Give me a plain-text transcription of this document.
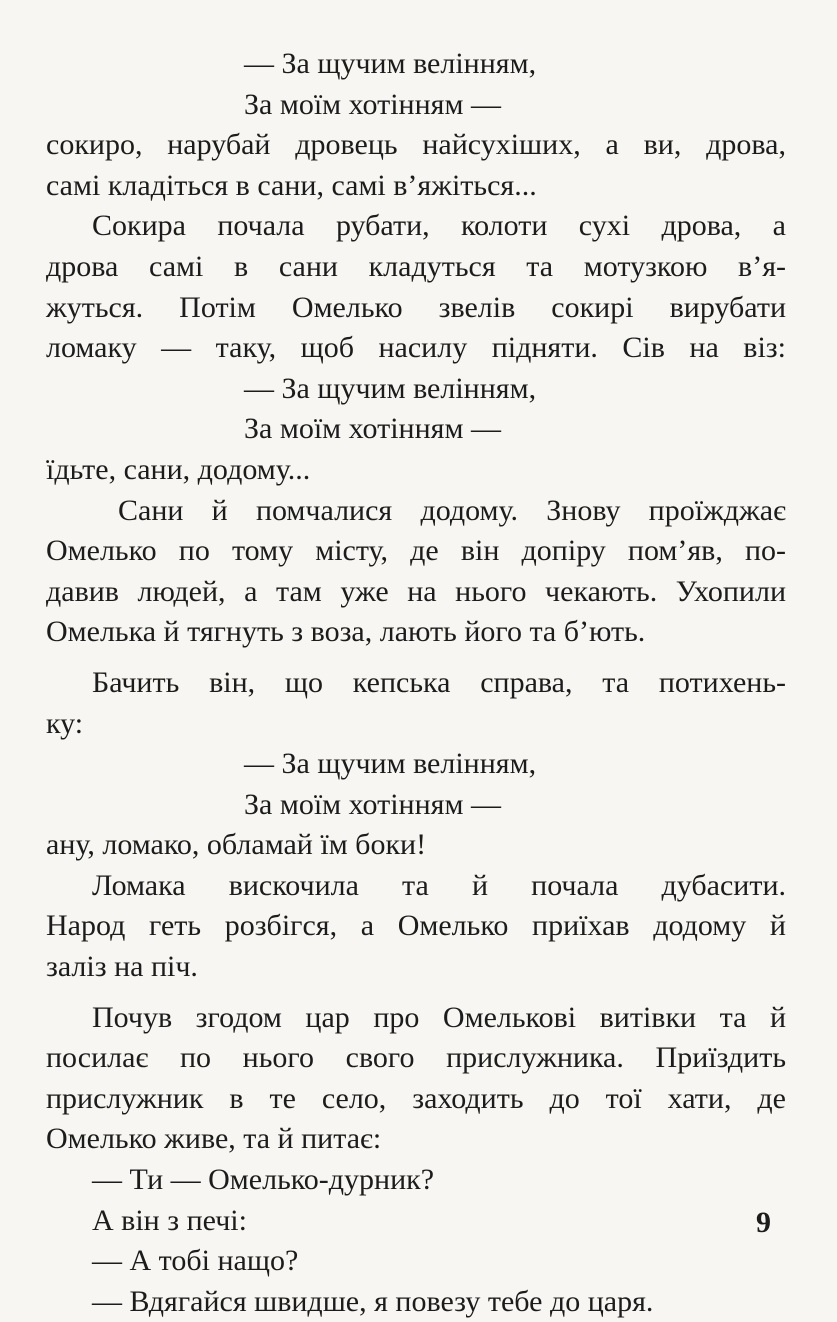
— За щучим велінням,
За моїм хотінням —
сокиро, нарубай дровець найсухіших, а ви, дрова,
самі кладіться в сани, самі в’яжіться...
Сокира почала рубати, колоти сухі дрова, а
дрова самі в сани кладуться та мотузкою в’я-
жуться. Потім Омелько звелів сокирі вирубати
ломаку — таку, щоб насилу підняти. Сів на віз:
— За щучим велінням,
За моїм хотінням —
їдьте, сани, додому...
Сани й помчалися додому. Знову проїжджає
Омелько по тому місту, де він допіру пом’яв, по-
давив людей, а там уже на нього чекають. Ухопили
Омелька й тягнуть з воза, лають його та б’ють.
Бачить він, що кепська справа, та потихень-
ку:
— За щучим велінням,
За моїм хотінням —
ану, ломако, обламай їм боки!
Ломака вискочила та й почала дубасити.
Народ геть розбігся, а Омелько приїхав додому й
заліз на піч.
Почув згодом цар про Омелькові витівки та й
посилає по нього свого прислужника. Приїздить
прислужник в те село, заходить до тої хати, де
Омелько живе, та й питає:
— Ти — Омелько-дурник?
А він з печі:
— А тобі нащо?
— Вдягайся швидше, я повезу тебе до царя.
9
